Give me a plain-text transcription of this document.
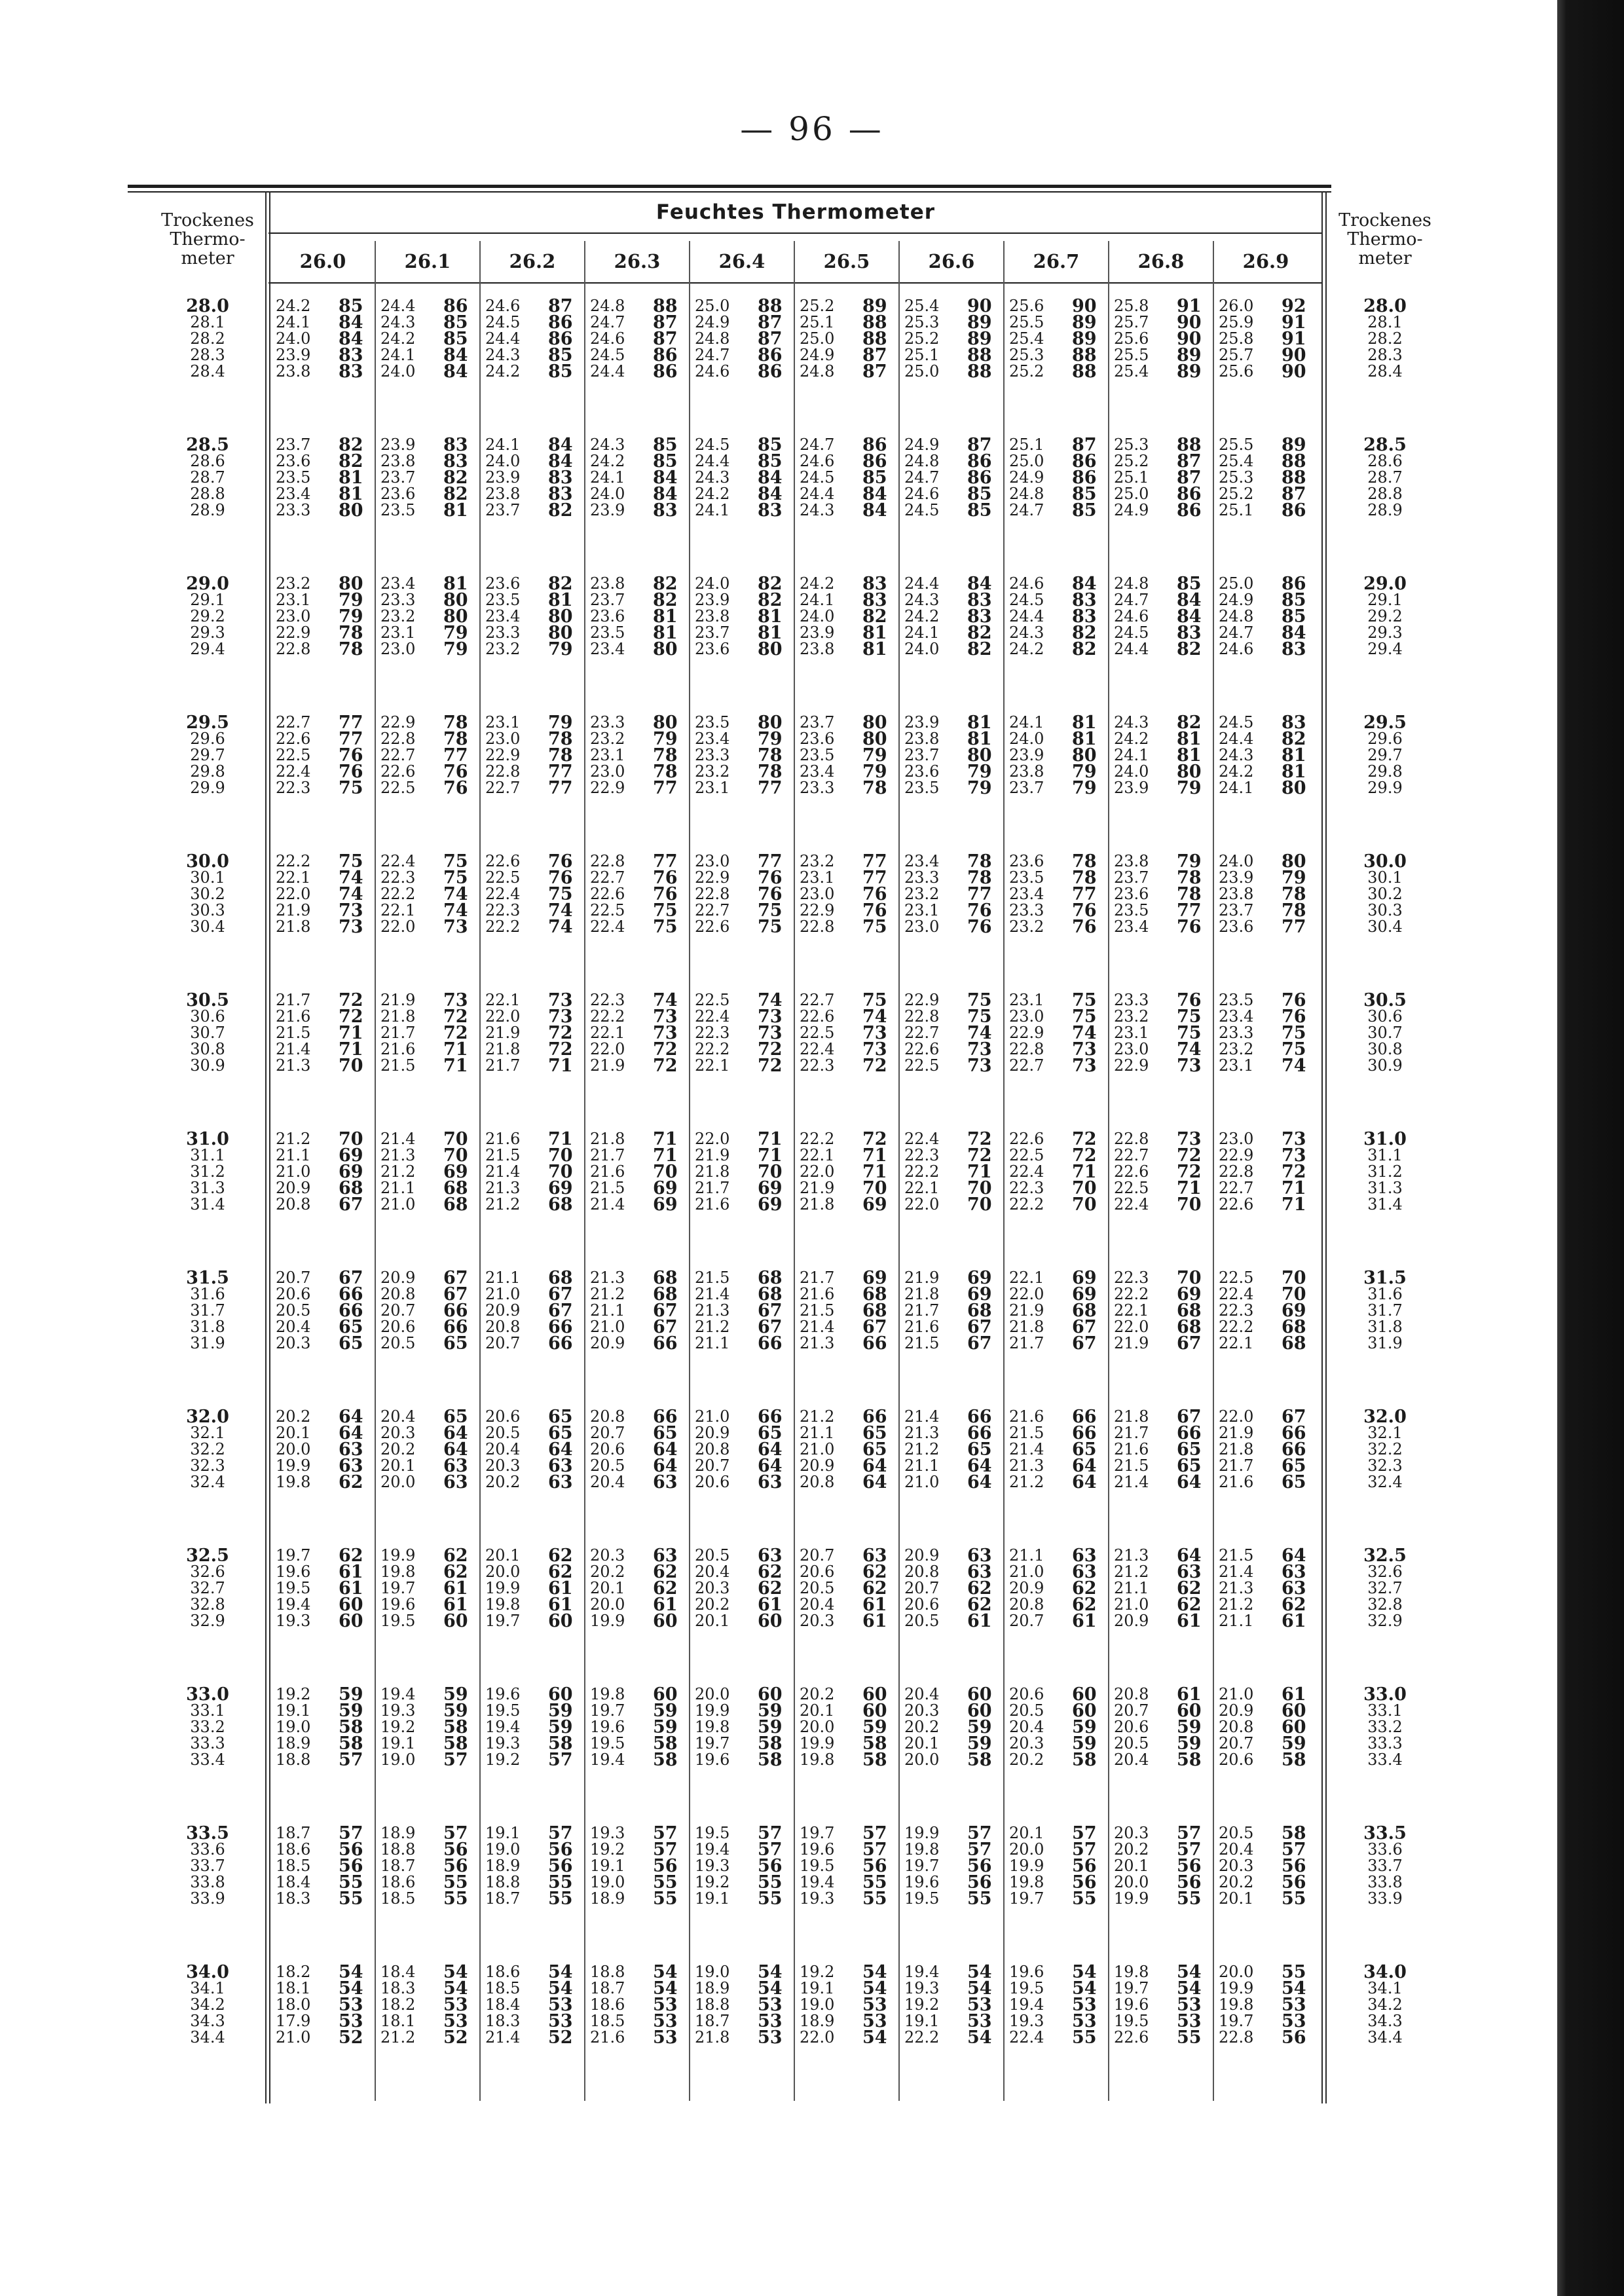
— 96 —
Trockenes
Thermo-
meter
Trockenes
Thermo-
meter
Feuchtes Thermometer
26.0	26.1	26.2	26.3	26.4	26.5	26.6	26.7	26.8	26.9
28.0	24.2 85 24.4 86 24.6 87 24.8 88 25.0 88 25.2 89 25.4 90 25.6 90 25.8 91 26.0 92	28.0
28.1	24.1 84 24.3 85 24.5 86 24.7 87 24.9 87 25.1 88 25.3 89 25.5 89 25.7 90 25.9 91	28.1
28.2	24.0 84 24.2 85 24.4 86 24.6 87 24.8 87 25.0 88 25.2 89 25.4 89 25.6 90 25.8 91	28.2
28.3	23.9 83 24.1 84 24.3 85 24.5 86 24.7 86 24.9 87 25.1 88 25.3 88 25.5 89 25.7 90	28.3
28.4	23.8 83 24.0 84 24.2 85 24.4 86 24.6 86 24.8 87 25.0 88 25.2 88 25.4 89 25.6 90	28.4
28.5	23.7 82 23.9 83 24.1 84 24.3 85 24.5 85 24.7 86 24.9 87 25.1 87 25.3 88 25.5 89	28.5
28.6	23.6 82 23.8 83 24.0 84 24.2 85 24.4 85 24.6 86 24.8 86 25.0 86 25.2 87 25.4 88	28.6
28.7	23.5 81 23.7 82 23.9 83 24.1 84 24.3 84 24.5 85 24.7 86 24.9 86 25.1 87 25.3 88	28.7
28.8	23.4 81 23.6 82 23.8 83 24.0 84 24.2 84 24.4 84 24.6 85 24.8 85 25.0 86 25.2 87	28.8
28.9	23.3 80 23.5 81 23.7 82 23.9 83 24.1 83 24.3 84 24.5 85 24.7 85 24.9 86 25.1 86	28.9
29.0	23.2 80 23.4 81 23.6 82 23.8 82 24.0 82 24.2 83 24.4 84 24.6 84 24.8 85 25.0 86	29.0
29.1	23.1 79 23.3 80 23.5 81 23.7 82 23.9 82 24.1 83 24.3 83 24.5 83 24.7 84 24.9 85	29.1
29.2	23.0 79 23.2 80 23.4 80 23.6 81 23.8 81 24.0 82 24.2 83 24.4 83 24.6 84 24.8 85	29.2
29.3	22.9 78 23.1 79 23.3 80 23.5 81 23.7 81 23.9 81 24.1 82 24.3 82 24.5 83 24.7 84	29.3
29.4	22.8 78 23.0 79 23.2 79 23.4 80 23.6 80 23.8 81 24.0 82 24.2 82 24.4 82 24.6 83	29.4
29.5	22.7 77 22.9 78 23.1 79 23.3 80 23.5 80 23.7 80 23.9 81 24.1 81 24.3 82 24.5 83	29.5
29.6	22.6 77 22.8 78 23.0 78 23.2 79 23.4 79 23.6 80 23.8 81 24.0 81 24.2 81 24.4 82	29.6
29.7	22.5 76 22.7 77 22.9 78 23.1 78 23.3 78 23.5 79 23.7 80 23.9 80 24.1 81 24.3 81	29.7
29.8	22.4 76 22.6 76 22.8 77 23.0 78 23.2 78 23.4 79 23.6 79 23.8 79 24.0 80 24.2 81	29.8
29.9	22.3 75 22.5 76 22.7 77 22.9 77 23.1 77 23.3 78 23.5 79 23.7 79 23.9 79 24.1 80	29.9
30.0	22.2 75 22.4 75 22.6 76 22.8 77 23.0 77 23.2 77 23.4 78 23.6 78 23.8 79 24.0 80	30.0
30.1	22.1 74 22.3 75 22.5 76 22.7 76 22.9 76 23.1 77 23.3 78 23.5 78 23.7 78 23.9 79	30.1
30.2	22.0 74 22.2 74 22.4 75 22.6 76 22.8 76 23.0 76 23.2 77 23.4 77 23.6 78 23.8 78	30.2
30.3	21.9 73 22.1 74 22.3 74 22.5 75 22.7 75 22.9 76 23.1 76 23.3 76 23.5 77 23.7 78	30.3
30.4	21.8 73 22.0 73 22.2 74 22.4 75 22.6 75 22.8 75 23.0 76 23.2 76 23.4 76 23.6 77	30.4
30.5	21.7 72 21.9 73 22.1 73 22.3 74 22.5 74 22.7 75 22.9 75 23.1 75 23.3 76 23.5 76	30.5
30.6	21.6 72 21.8 72 22.0 73 22.2 73 22.4 73 22.6 74 22.8 75 23.0 75 23.2 75 23.4 76	30.6
30.7	21.5 71 21.7 72 21.9 72 22.1 73 22.3 73 22.5 73 22.7 74 22.9 74 23.1 75 23.3 75	30.7
30.8	21.4 71 21.6 71 21.8 72 22.0 72 22.2 72 22.4 73 22.6 73 22.8 73 23.0 74 23.2 75	30.8
30.9	21.3 70 21.5 71 21.7 71 21.9 72 22.1 72 22.3 72 22.5 73 22.7 73 22.9 73 23.1 74	30.9
31.0	21.2 70 21.4 70 21.6 71 21.8 71 22.0 71 22.2 72 22.4 72 22.6 72 22.8 73 23.0 73	31.0
31.1	21.1 69 21.3 70 21.5 70 21.7 71 21.9 71 22.1 71 22.3 72 22.5 72 22.7 72 22.9 73	31.1
31.2	21.0 69 21.2 69 21.4 70 21.6 70 21.8 70 22.0 71 22.2 71 22.4 71 22.6 72 22.8 72	31.2
31.3	20.9 68 21.1 68 21.3 69 21.5 69 21.7 69 21.9 70 22.1 70 22.3 70 22.5 71 22.7 71	31.3
31.4	20.8 67 21.0 68 21.2 68 21.4 69 21.6 69 21.8 69 22.0 70 22.2 70 22.4 70 22.6 71	31.4
31.5	20.7 67 20.9 67 21.1 68 21.3 68 21.5 68 21.7 69 21.9 69 22.1 69 22.3 70 22.5 70	31.5
31.6	20.6 66 20.8 67 21.0 67 21.2 68 21.4 68 21.6 68 21.8 69 22.0 69 22.2 69 22.4 70	31.6
31.7	20.5 66 20.7 66 20.9 67 21.1 67 21.3 67 21.5 68 21.7 68 21.9 68 22.1 68 22.3 69	31.7
31.8	20.4 65 20.6 66 20.8 66 21.0 67 21.2 67 21.4 67 21.6 67 21.8 67 22.0 68 22.2 68	31.8
31.9	20.3 65 20.5 65 20.7 66 20.9 66 21.1 66 21.3 66 21.5 67 21.7 67 21.9 67 22.1 68	31.9
32.0	20.2 64 20.4 65 20.6 65 20.8 66 21.0 66 21.2 66 21.4 66 21.6 66 21.8 67 22.0 67	32.0
32.1	20.1 64 20.3 64 20.5 65 20.7 65 20.9 65 21.1 65 21.3 66 21.5 66 21.7 66 21.9 66	32.1
32.2	20.0 63 20.2 64 20.4 64 20.6 64 20.8 64 21.0 65 21.2 65 21.4 65 21.6 65 21.8 66	32.2
32.3	19.9 63 20.1 63 20.3 63 20.5 64 20.7 64 20.9 64 21.1 64 21.3 64 21.5 65 21.7 65	32.3
32.4	19.8 62 20.0 63 20.2 63 20.4 63 20.6 63 20.8 64 21.0 64 21.2 64 21.4 64 21.6 65	32.4
32.5	19.7 62 19.9 62 20.1 62 20.3 63 20.5 63 20.7 63 20.9 63 21.1 63 21.3 64 21.5 64	32.5
32.6	19.6 61 19.8 62 20.0 62 20.2 62 20.4 62 20.6 62 20.8 63 21.0 63 21.2 63 21.4 63	32.6
32.7	19.5 61 19.7 61 19.9 61 20.1 62 20.3 62 20.5 62 20.7 62 20.9 62 21.1 62 21.3 63	32.7
32.8	19.4 60 19.6 61 19.8 61 20.0 61 20.2 61 20.4 61 20.6 62 20.8 62 21.0 62 21.2 62	32.8
32.9	19.3 60 19.5 60 19.7 60 19.9 60 20.1 60 20.3 61 20.5 61 20.7 61 20.9 61 21.1 61	32.9
33.0	19.2 59 19.4 59 19.6 60 19.8 60 20.0 60 20.2 60 20.4 60 20.6 60 20.8 61 21.0 61	33.0
33.1	19.1 59 19.3 59 19.5 59 19.7 59 19.9 59 20.1 60 20.3 60 20.5 60 20.7 60 20.9 60	33.1
33.2	19.0 58 19.2 58 19.4 59 19.6 59 19.8 59 20.0 59 20.2 59 20.4 59 20.6 59 20.8 60	33.2
33.3	18.9 58 19.1 58 19.3 58 19.5 58 19.7 58 19.9 58 20.1 59 20.3 59 20.5 59 20.7 59	33.3
33.4	18.8 57 19.0 57 19.2 57 19.4 58 19.6 58 19.8 58 20.0 58 20.2 58 20.4 58 20.6 58	33.4
33.5	18.7 57 18.9 57 19.1 57 19.3 57 19.5 57 19.7 57 19.9 57 20.1 57 20.3 57 20.5 58	33.5
33.6	18.6 56 18.8 56 19.0 56 19.2 57 19.4 57 19.6 57 19.8 57 20.0 57 20.2 57 20.4 57	33.6
33.7	18.5 56 18.7 56 18.9 56 19.1 56 19.3 56 19.5 56 19.7 56 19.9 56 20.1 56 20.3 56	33.7
33.8	18.4 55 18.6 55 18.8 55 19.0 55 19.2 55 19.4 55 19.6 56 19.8 56 20.0 56 20.2 56	33.8
33.9	18.3 55 18.5 55 18.7 55 18.9 55 19.1 55 19.3 55 19.5 55 19.7 55 19.9 55 20.1 55	33.9
34.0	18.2 54 18.4 54 18.6 54 18.8 54 19.0 54 19.2 54 19.4 54 19.6 54 19.8 54 20.0 55	34.0
34.1	18.1 54 18.3 54 18.5 54 18.7 54 18.9 54 19.1 54 19.3 54 19.5 54 19.7 54 19.9 54	34.1
34.2	18.0 53 18.2 53 18.4 53 18.6 53 18.8 53 19.0 53 19.2 53 19.4 53 19.6 53 19.8 53	34.2
34.3	17.9 53 18.1 53 18.3 53 18.5 53 18.7 53 18.9 53 19.1 53 19.3 53 19.5 53 19.7 53	34.3
34.4	21.0 52 21.2 52 21.4 52 21.6 53 21.8 53 22.0 54 22.2 54 22.4 55 22.6 55 22.8 56	34.4
